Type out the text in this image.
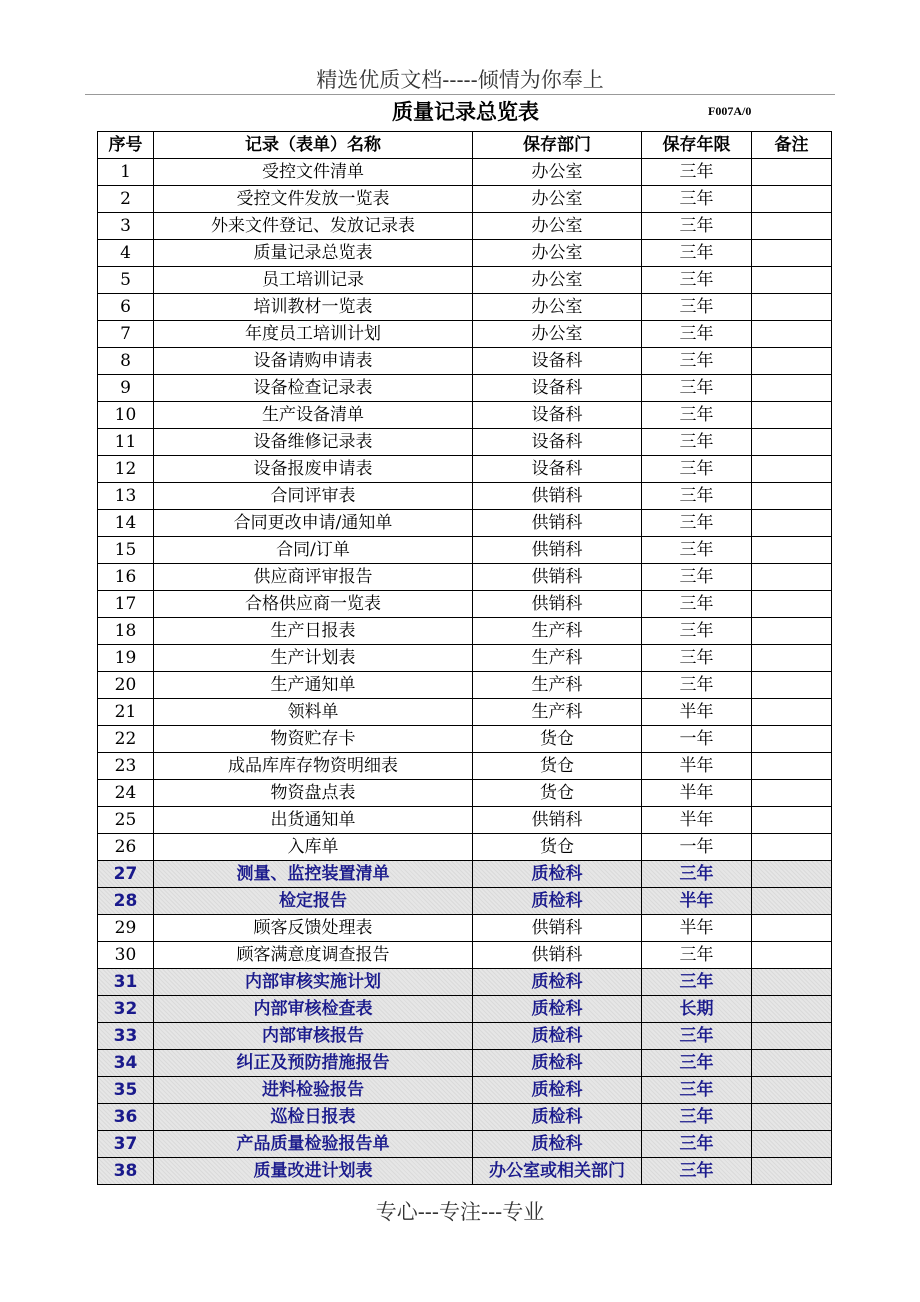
精选优质文档-----倾情为你奉上
质量记录总览表	F007A/0
序号	记录（表单）名称	保存部门	保存年限	备注
1	受控文件清单	办公室	三年	
2	受控文件发放一览表	办公室	三年	
3	外来文件登记、发放记录表	办公室	三年	
4	质量记录总览表	办公室	三年	
5	员工培训记录	办公室	三年	
6	培训教材一览表	办公室	三年	
7	年度员工培训计划	办公室	三年	
8	设备请购申请表	设备科	三年	
9	设备检查记录表	设备科	三年	
10	生产设备清单	设备科	三年	
11	设备维修记录表	设备科	三年	
12	设备报废申请表	设备科	三年	
13	合同评审表	供销科	三年	
14	合同更改申请/通知单	供销科	三年	
15	合同/订单	供销科	三年	
16	供应商评审报告	供销科	三年	
17	合格供应商一览表	供销科	三年	
18	生产日报表	生产科	三年	
19	生产计划表	生产科	三年	
20	生产通知单	生产科	三年	
21	领料单	生产科	半年	
22	物资贮存卡	货仓	一年	
23	成品库库存物资明细表	货仓	半年	
24	物资盘点表	货仓	半年	
25	出货通知单	供销科	半年	
26	入库单	货仓	一年	
27	测量、监控装置清单	质检科	三年	
28	检定报告	质检科	半年	
29	顾客反馈处理表	供销科	半年	
30	顾客满意度调查报告	供销科	三年	
31	内部审核实施计划	质检科	三年	
32	内部审核检查表	质检科	长期	
33	内部审核报告	质检科	三年	
34	纠正及预防措施报告	质检科	三年	
35	进料检验报告	质检科	三年	
36	巡检日报表	质检科	三年	
37	产品质量检验报告单	质检科	三年	
38	质量改进计划表	办公室或相关部门	三年	
专心---专注---专业
